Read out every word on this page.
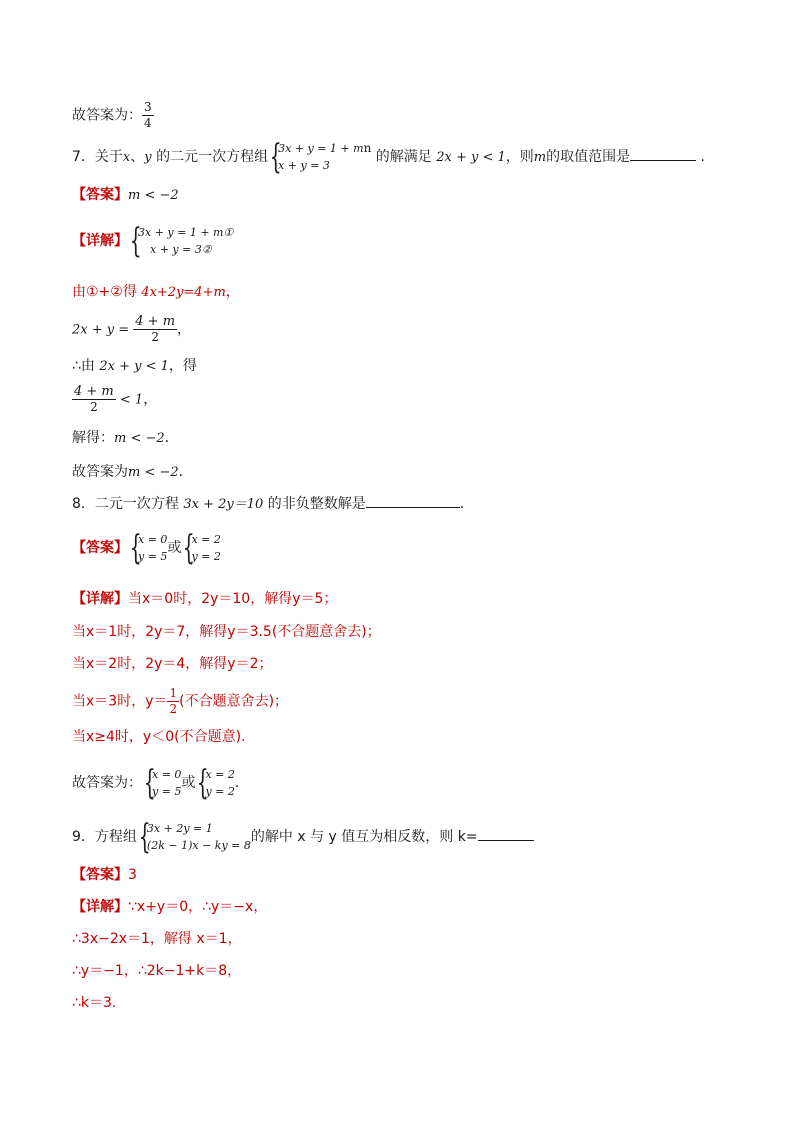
故答案为： $\frac{3}{4}$
7．关于x、y 的二元一次方程组 {
3x + y = 1 + mn
x + y = 3
的解满足 2x + y < 1，则m的取值范围是	.
【答案】m < −2
【详解】 {
3x + y = 1 + m①
x + y = 3②
由①+②得 4x+2y=4+m，
$2x + y = \frac{4 + m}{2}$ ，
∴由 2x + y < 1，得
$\frac{4 + m}{2} < 1$，
解得：m < −2．
故答案为m < −2．
8．二元一次方程 3x + 2y＝10 的非负整数解是	．
【答案】 {
x = 0
y = 5
或 {
x = 2
y = 2
【详解】当x＝0时，2y＝10，解得y＝5；
当x＝1时，2y＝7，解得y＝3.5(不合题意舍去)；
当x＝2时，2y＝4，解得y＝2；
当x＝3时，$y= \frac{1}{2}$ (不合题意舍去)；
当x≥4时，y＜0(不合题意).
故答案为： {
x = 0
y = 5
或 {
x = 2
y = 2
.
9．方程组 {
3x + 2y = 1
(2k − 1)x − ky = 8
的解中 x 与 y 值互为相反数，则 k=
【答案】3
【详解】∵x+y＝0，∴y＝−x，
∴3x−2x＝1，解得 x＝1，
∴y＝−1，∴2k−1+k＝8，
∴k＝3.
